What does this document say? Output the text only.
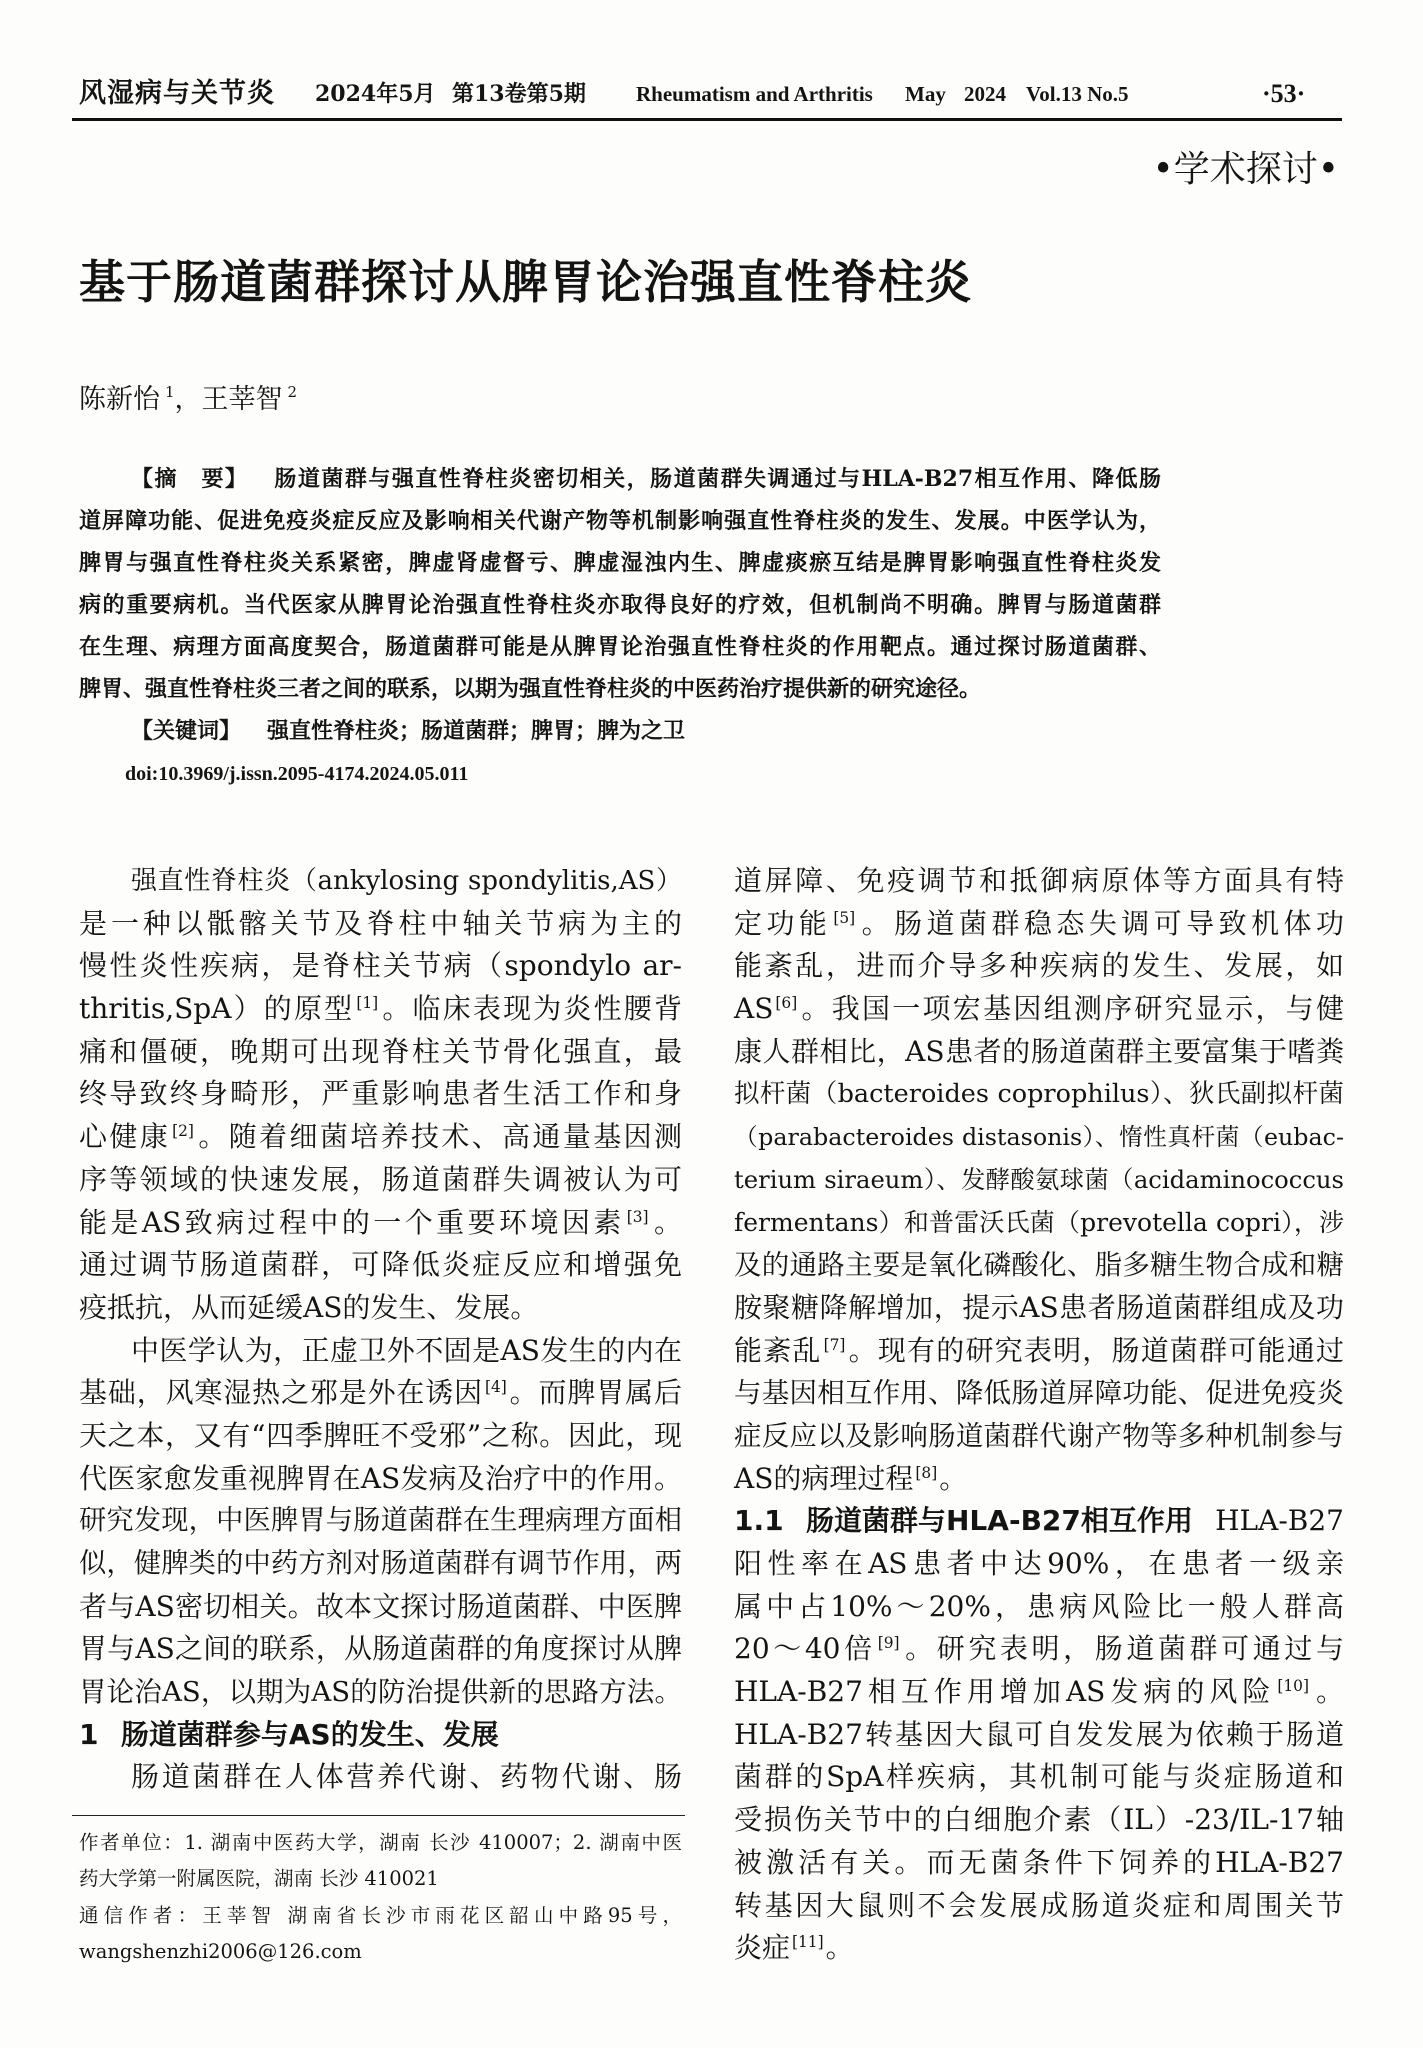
风湿病与关节炎 2024年5月 第13卷第5期 Rheumatism and Arthritis May 2024 Vol.13 No.5	·53·
•学术探讨•
基于肠道菌群探讨从脾胃论治强直性脊柱炎
陈新怡 $^1$，王莘智 $^2$
【摘　要】 肠道菌群与强直性脊柱炎密切相关，肠道菌群失调通过与HLA-B27相互作用、降低肠
道屏障功能、促进免疫炎症反应及影响相关代谢产物等机制影响强直性脊柱炎的发生、发展。中医学认为，
脾胃与强直性脊柱炎关系紧密，脾虚肾虚督亏、脾虚湿浊内生、脾虚痰瘀互结是脾胃影响强直性脊柱炎发
病的重要病机。当代医家从脾胃论治强直性脊柱炎亦取得良好的疗效，但机制尚不明确。脾胃与肠道菌群
在生理、病理方面高度契合，肠道菌群可能是从脾胃论治强直性脊柱炎的作用靶点。通过探讨肠道菌群、
脾胃、强直性脊柱炎三者之间的联系，以期为强直性脊柱炎的中医药治疗提供新的研究途径。
【关键词】 强直性脊柱炎；肠道菌群；脾胃；脾为之卫
doi:10.3969/j.issn.2095-4174.2024.05.011
强直性脊柱炎（ankylosing spondylitis,AS）
是一种以骶髂关节及脊柱中轴关节病为主的
慢性炎性疾病，是脊柱关节病（spondylo ar-
thritis,SpA）的原型 [1]。临床表现为炎性腰背
痛和僵硬，晚期可出现脊柱关节骨化强直，最
终导致终身畸形，严重影响患者生活工作和身
心健康 [2]。随着细菌培养技术、高通量基因测
序等领域的快速发展，肠道菌群失调被认为可
能是AS致病过程中的一个重要环境因素 [3]。
通过调节肠道菌群，可降低炎症反应和增强免
疫抵抗，从而延缓AS的发生、发展。
中医学认为，正虚卫外不固是AS发生的内在
基础，风寒湿热之邪是外在诱因 [4]。而脾胃属后
天之本，又有“四季脾旺不受邪”之称。因此，现
代医家愈发重视脾胃在AS发病及治疗中的作用。
研究发现，中医脾胃与肠道菌群在生理病理方面相
似，健脾类的中药方剂对肠道菌群有调节作用，两
者与AS密切相关。故本文探讨肠道菌群、中医脾
胃与AS之间的联系，从肠道菌群的角度探讨从脾
胃论治AS，以期为AS的防治提供新的思路方法。
1 肠道菌群参与AS的发生、发展
肠道菌群在人体营养代谢、药物代谢、肠
道屏障、免疫调节和抵御病原体等方面具有特
定功能 [5]。肠道菌群稳态失调可导致机体功
能紊乱，进而介导多种疾病的发生、发展，如
AS [6]。我国一项宏基因组测序研究显示，与健
康人群相比，AS患者的肠道菌群主要富集于嗜粪
拟杆菌（bacteroides coprophilus）、狄氏副拟杆菌
（parabacteroides distasonis）、惰性真杆菌（eubac-
terium siraeum）、发酵酸氨球菌（acidaminococcus
fermentans）和普雷沃氏菌（prevotella copri），涉
及的通路主要是氧化磷酸化、脂多糖生物合成和糖
胺聚糖降解增加，提示AS患者肠道菌群组成及功
能紊乱 [7]。现有的研究表明，肠道菌群可能通过
与基因相互作用、降低肠道屏障功能、促进免疫炎
症反应以及影响肠道菌群代谢产物等多种机制参与
AS的病理过程 [8]。
1.1 肠道菌群与HLA-B27相互作用 HLA-B27
阳性率在AS患者中达90%，在患者一级亲
属中占10%～20%，患病风险比一般人群高
20～40倍 [9]。研究表明，肠道菌群可通过与
HLA-B27相互作用增加AS发病的风险 [10]。
HLA-B27转基因大鼠可自发发展为依赖于肠道
菌群的SpA样疾病，其机制可能与炎症肠道和
受损伤关节中的白细胞介素（IL）-23/IL-17轴
被激活有关。而无菌条件下饲养的HLA-B27
转基因大鼠则不会发展成肠道炎症和周围关节
炎症 [11]。
作者单位：1. 湖南中医药大学，湖南 长沙 410007；2. 湖南中医
药大学第一附属医院，湖南 长沙 410021
通信作者：王莘智 湖南省长沙市雨花区韶山中路95号，
wangshenzhi2006@126.com
